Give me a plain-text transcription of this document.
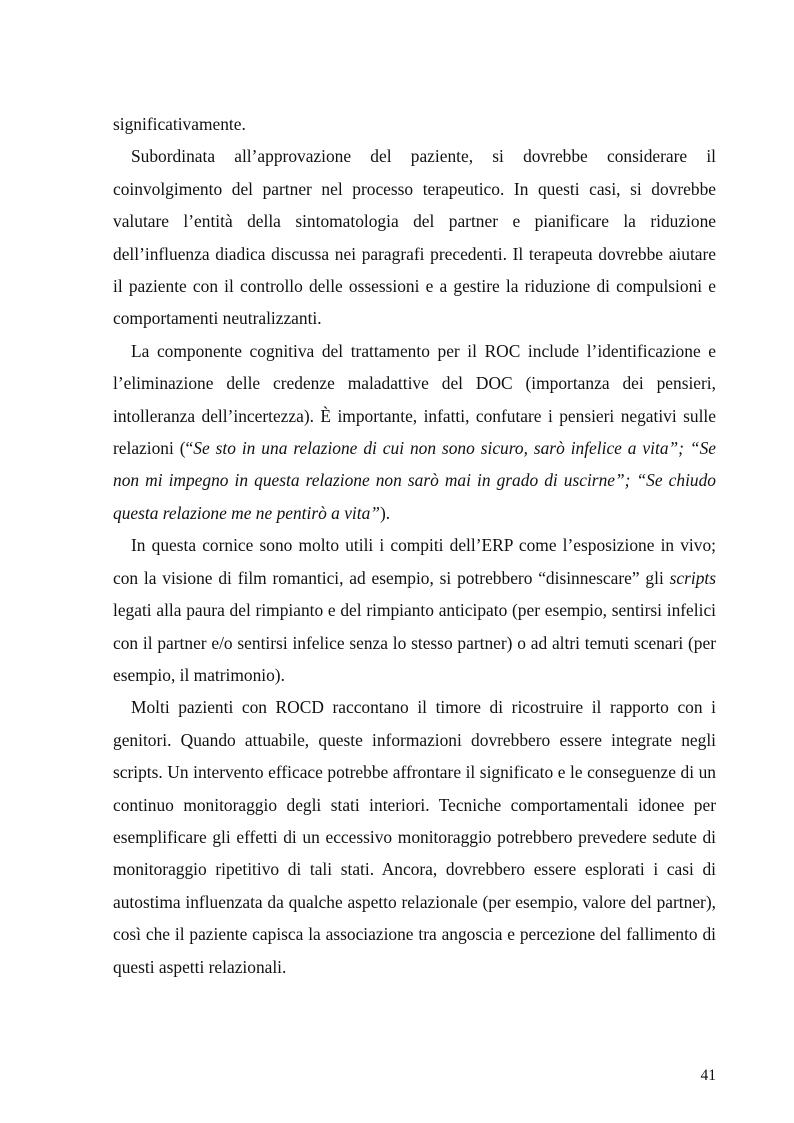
significativamente.

Subordinata all’approvazione del paziente, si dovrebbe considerare il coinvolgimento del partner nel processo terapeutico. In questi casi, si dovrebbe valutare l’entità della sintomatologia del partner e pianificare la riduzione dell’influenza diadica discussa nei paragrafi precedenti. Il terapeuta dovrebbe aiutare il paziente con il controllo delle ossessioni e a gestire la riduzione di compulsioni e comportamenti neutralizzanti.

La componente cognitiva del trattamento per il ROC include l’identificazione e l’eliminazione delle credenze maladattive del DOC (importanza dei pensieri, intolleranza dell’incertezza). È importante, infatti, confutare i pensieri negativi sulle relazioni (“Se sto in una relazione di cui non sono sicuro, sarò infelice a vita”; “Se non mi impegno in questa relazione non sarò mai in grado di uscirne”; “Se chiudo questa relazione me ne pentirò a vita”).

In questa cornice sono molto utili i compiti dell’ERP come l’esposizione in vivo; con la visione di film romantici, ad esempio, si potrebbero “disinnescare” gli scripts legati alla paura del rimpianto e del rimpianto anticipato (per esempio, sentirsi infelici con il partner e/o sentirsi infelice senza lo stesso partner) o ad altri temuti scenari (per esempio, il matrimonio).

Molti pazienti con ROCD raccontano il timore di ricostruire il rapporto con i genitori. Quando attuabile, queste informazioni dovrebbero essere integrate negli scripts. Un intervento efficace potrebbe affrontare il significato e le conseguenze di un continuo monitoraggio degli stati interiori. Tecniche comportamentali idonee per esemplificare gli effetti di un eccessivo monitoraggio potrebbero prevedere sedute di monitoraggio ripetitivo di tali stati. Ancora, dovrebbero essere esplorati i casi di autostima influenzata da qualche aspetto relazionale (per esempio, valore del partner), così che il paziente capisca la associazione tra angoscia e percezione del fallimento di questi aspetti relazionali.

41
